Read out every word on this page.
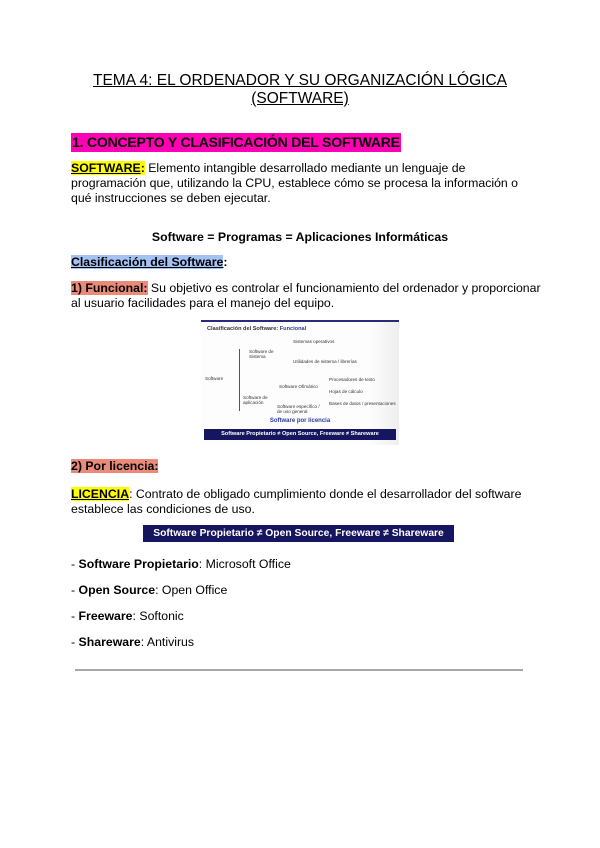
TEMA 4: EL ORDENADOR Y SU ORGANIZACIÓN LÓGICA
(SOFTWARE)
1. CONCEPTO Y CLASIFICACIÓN DEL SOFTWARE
SOFTWARE: Elemento intangible desarrollado mediante un lenguaje de programación que, utilizando la CPU, establece cómo se procesa la información o qué instrucciones se deben ejecutar.
Software = Programas = Aplicaciones Informáticas
Clasificación del Software:
1) Funcional: Su objetivo es controlar el funcionamiento del ordenador y proporcionar al usuario facilidades para el manejo del equipo.
Clasificación del Software: Funcional
Software
Software de Sistema
Sistemas operativos
Utilidades de sistema / librerías
Software de aplicación
Software Ofimático
Software específico / de uso general
Procesadores de texto
Hojas de cálculo
Bases de datos / presentaciones
Software por licencia
Software Propietario ≠ Open Source, Freeware ≠ Shareware
2) Por licencia:
LICENCIA: Contrato de obligado cumplimiento donde el desarrollador del software establece las condiciones de uso.
Software Propietario ≠ Open Source, Freeware ≠ Shareware
- Software Propietario: Microsoft Office
- Open Source: Open Office
- Freeware: Softonic
- Shareware: Antivirus
